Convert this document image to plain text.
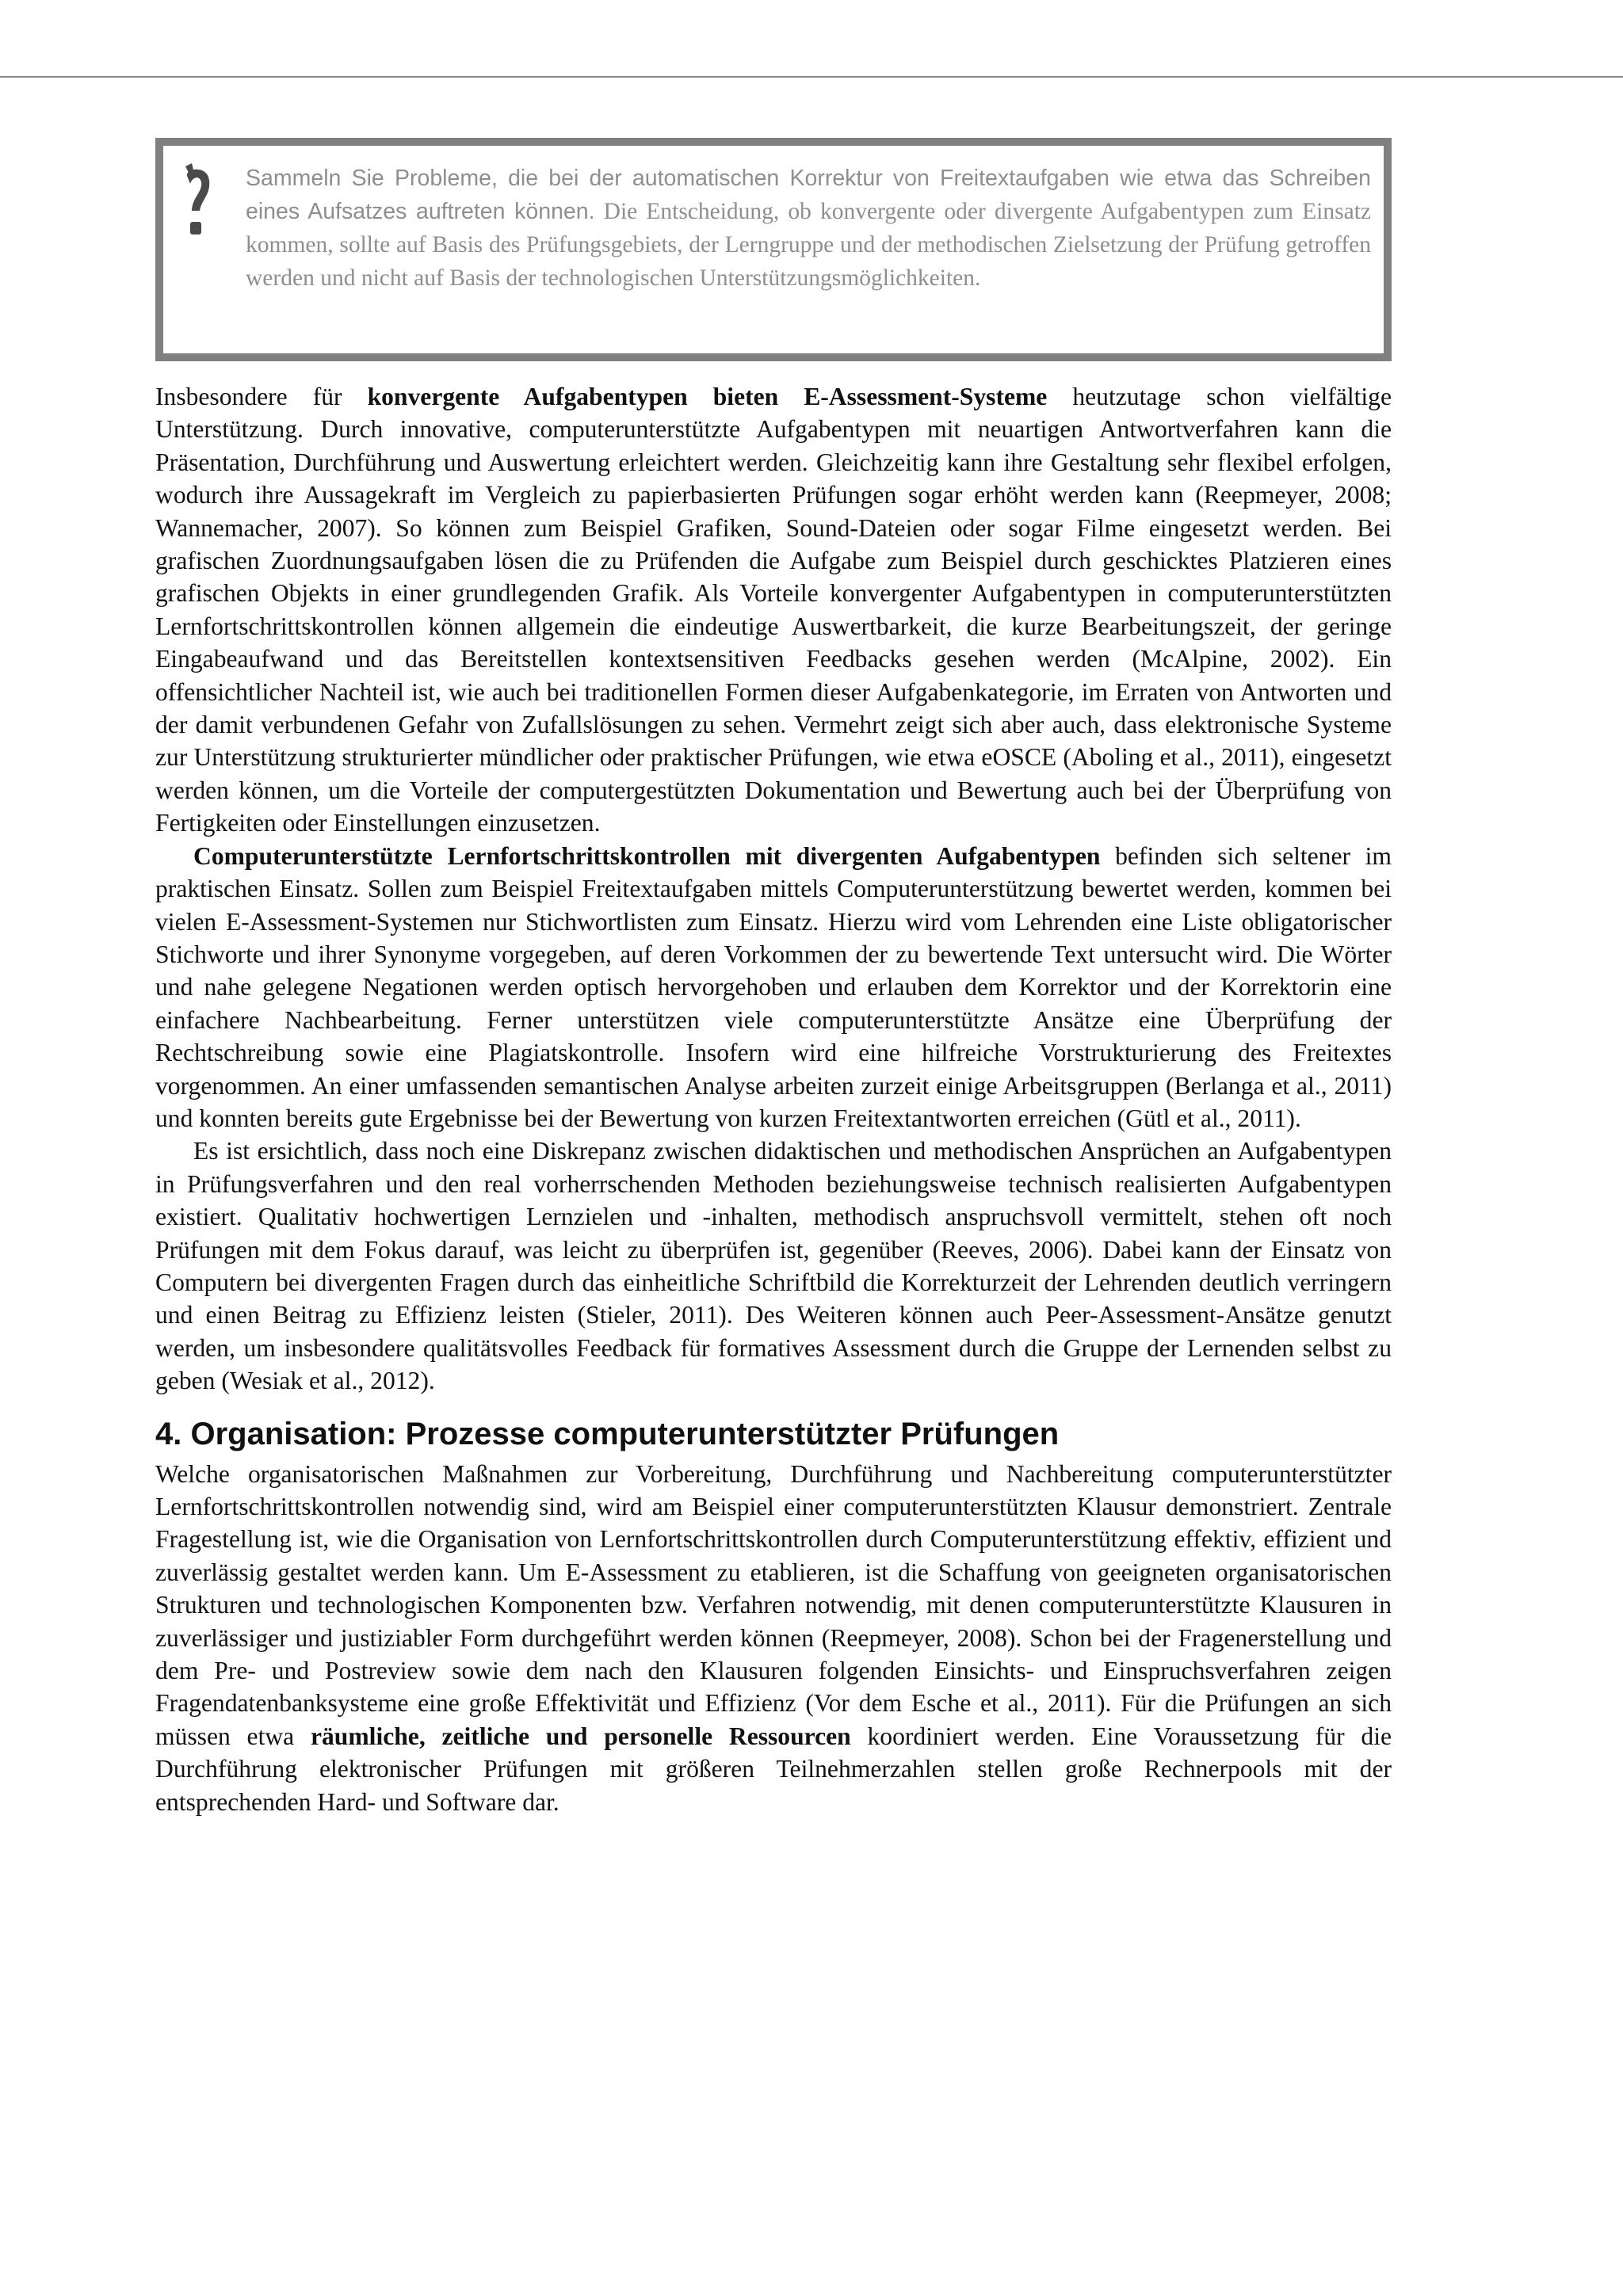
Sammeln Sie Probleme, die bei der automatischen Korrektur von Freitextaufgaben wie etwa das Schreiben eines Aufsatzes auftreten können. Die Entscheidung, ob konvergente oder divergente Aufgabentypen zum Einsatz kommen, sollte auf Basis des Prüfungsgebiets, der Lerngruppe und der methodischen Zielsetzung der Prüfung getroffen werden und nicht auf Basis der technologischen Unterstützungsmöglichkeiten.

Insbesondere für konvergente Aufgabentypen bieten E-Assessment-Systeme heutzutage schon vielfältige Unterstützung. Durch innovative, computerunterstützte Aufgabentypen mit neuartigen Antwortverfahren kann die Präsentation, Durchführung und Auswertung erleichtert werden. Gleichzeitig kann ihre Gestaltung sehr flexibel erfolgen, wodurch ihre Aussagekraft im Vergleich zu papierbasierten Prüfungen sogar erhöht werden kann (Reepmeyer, 2008; Wannemacher, 2007). So können zum Beispiel Grafiken, Sound-Dateien oder sogar Filme eingesetzt werden. Bei grafischen Zuordnungsaufgaben lösen die zu Prüfenden die Aufgabe zum Beispiel durch geschicktes Platzieren eines grafischen Objekts in einer grundlegenden Grafik. Als Vorteile konvergenter Aufgabentypen in computerunterstützten Lernfortschrittskontrollen können allgemein die eindeutige Auswertbarkeit, die kurze Bearbeitungszeit, der geringe Eingabeaufwand und das Bereitstellen kontextsensitiven Feedbacks gesehen werden (McAlpine, 2002). Ein offensichtlicher Nachteil ist, wie auch bei traditionellen Formen dieser Aufgabenkategorie, im Erraten von Antworten und der damit verbundenen Gefahr von Zufallslösungen zu sehen. Vermehrt zeigt sich aber auch, dass elektronische Systeme zur Unterstützung strukturierter mündlicher oder praktischer Prüfungen, wie etwa eOSCE (Aboling et al., 2011), eingesetzt werden können, um die Vorteile der computergestützten Dokumentation und Bewertung auch bei der Überprüfung von Fertigkeiten oder Einstellungen einzusetzen.

Computerunterstützte Lernfortschrittskontrollen mit divergenten Aufgabentypen befinden sich seltener im praktischen Einsatz. Sollen zum Beispiel Freitextaufgaben mittels Computerunterstützung bewertet werden, kommen bei vielen E-Assessment-Systemen nur Stichwortlisten zum Einsatz. Hierzu wird vom Lehrenden eine Liste obligatorischer Stichworte und ihrer Synonyme vorgegeben, auf deren Vorkommen der zu bewertende Text untersucht wird. Die Wörter und nahe gelegene Negationen werden optisch hervorgehoben und erlauben dem Korrektor und der Korrektorin eine einfachere Nachbearbeitung. Ferner unterstützen viele computerunterstützte Ansätze eine Überprüfung der Rechtschreibung sowie eine Plagiatskontrolle. Insofern wird eine hilfreiche Vorstrukturierung des Freitextes vorgenommen. An einer umfassenden semantischen Analyse arbeiten zurzeit einige Arbeitsgruppen (Berlanga et al., 2011) und konnten bereits gute Ergebnisse bei der Bewertung von kurzen Freitextantworten erreichen (Gütl et al., 2011).

Es ist ersichtlich, dass noch eine Diskrepanz zwischen didaktischen und methodischen Ansprüchen an Aufgabentypen in Prüfungsverfahren und den real vorherrschenden Methoden beziehungsweise technisch realisierten Aufgabentypen existiert. Qualitativ hochwertigen Lernzielen und -inhalten, methodisch anspruchsvoll vermittelt, stehen oft noch Prüfungen mit dem Fokus darauf, was leicht zu überprüfen ist, gegenüber (Reeves, 2006). Dabei kann der Einsatz von Computern bei divergenten Fragen durch das einheitliche Schriftbild die Korrekturzeit der Lehrenden deutlich verringern und einen Beitrag zu Effizienz leisten (Stieler, 2011). Des Weiteren können auch Peer-Assessment-Ansätze genutzt werden, um insbesondere qualitätsvolles Feedback für formatives Assessment durch die Gruppe der Lernenden selbst zu geben (Wesiak et al., 2012).

4. Organisation: Prozesse computerunterstützter Prüfungen

Welche organisatorischen Maßnahmen zur Vorbereitung, Durchführung und Nachbereitung computerunterstützter Lernfortschrittskontrollen notwendig sind, wird am Beispiel einer computerunterstützten Klausur demonstriert. Zentrale Fragestellung ist, wie die Organisation von Lernfortschrittskontrollen durch Computerunterstützung effektiv, effizient und zuverlässig gestaltet werden kann. Um E-Assessment zu etablieren, ist die Schaffung von geeigneten organisatorischen Strukturen und technologischen Komponenten bzw. Verfahren notwendig, mit denen computerunterstützte Klausuren in zuverlässiger und justiziabler Form durchgeführt werden können (Reepmeyer, 2008). Schon bei der Fragenerstellung und dem Pre- und Postreview sowie dem nach den Klausuren folgenden Einsichts- und Einspruchsverfahren zeigen Fragendatenbanksysteme eine große Effektivität und Effizienz (Vor dem Esche et al., 2011). Für die Prüfungen an sich müssen etwa räumliche, zeitliche und personelle Ressourcen koordiniert werden. Eine Voraussetzung für die Durchführung elektronischer Prüfungen mit größeren Teilnehmerzahlen stellen große Rechnerpools mit der entsprechenden Hard- und Software dar.
